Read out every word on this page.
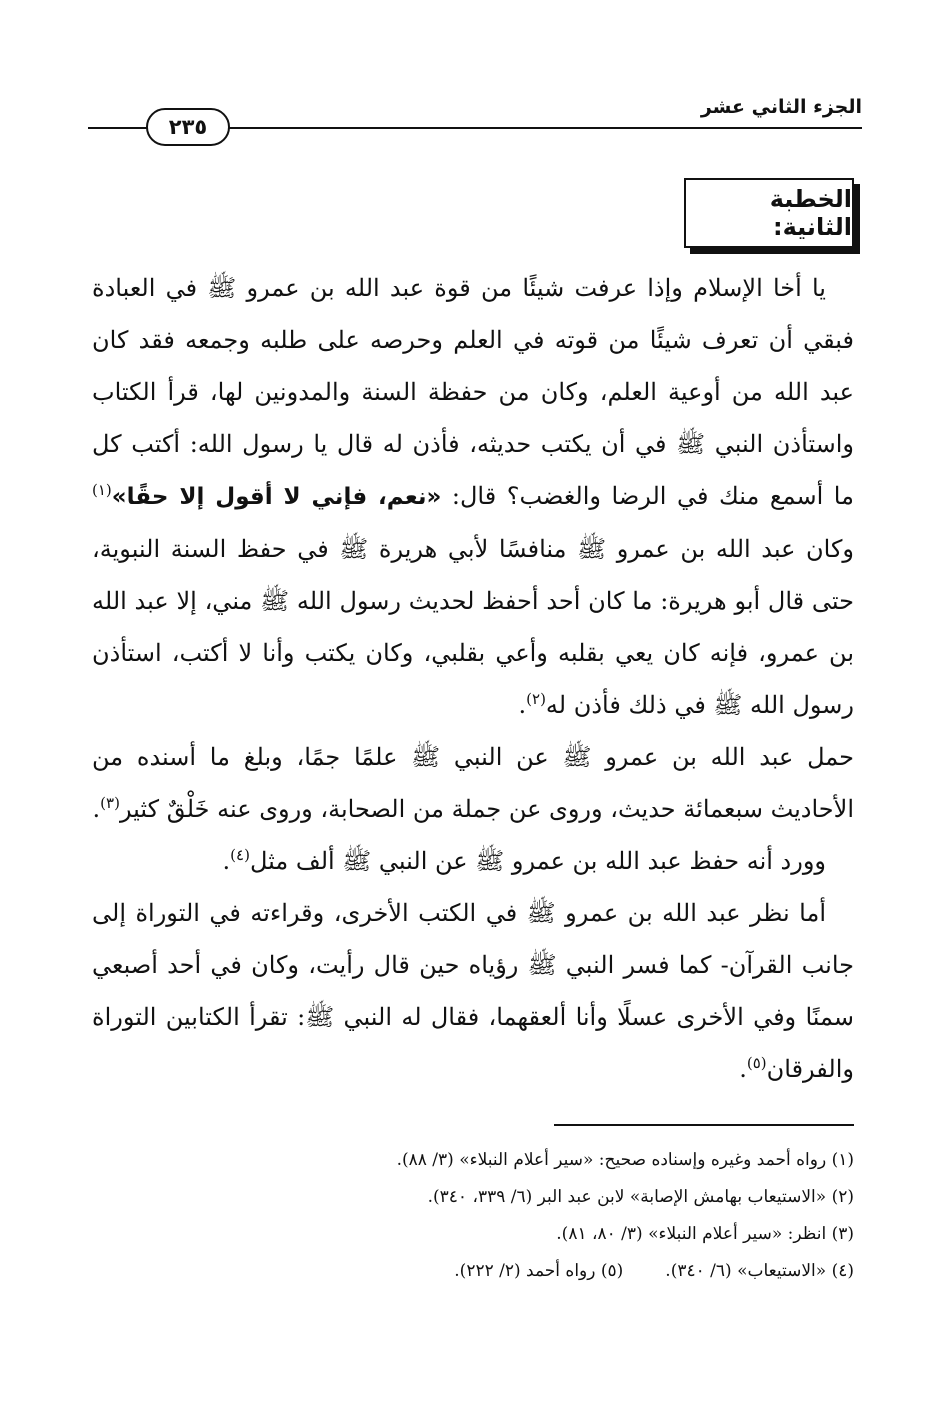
الجزء الثاني عشر
٢٣٥
الخطبة الثانية:

يا أخا الإسلام وإذا عرفت شيئًا من قوة عبد الله بن عمرو ﷺ في العبادة فبقي أن تعرف شيئًا من قوته في العلم وحرصه على طلبه وجمعه فقد كان عبد الله من أوعية العلم، وكان من حفظة السنة والمدونين لها، قرأ الكتاب واستأذن النبي ﷺ في أن يكتب حديثه، فأذن له قال يا رسول الله: أكتب كل ما أسمع منك في الرضا والغضب؟ قال: «نعم، فإني لا أقول إلا حقًا»$^{(١)}$ وكان عبد الله بن عمرو ﷺ منافسًا لأبي هريرة ﷺ في حفظ السنة النبوية، حتى قال أبو هريرة: ما كان أحد أحفظ لحديث رسول الله ﷺ مني، إلا عبد الله بن عمرو، فإنه كان يعي بقلبه وأعي بقلبي، وكان يكتب وأنا لا أكتب، استأذن رسول الله ﷺ في ذلك فأذن له$^{(٢)}$.

حمل عبد الله بن عمرو ﷺ عن النبي ﷺ علمًا جمًا، وبلغ ما أسنده من الأحاديث سبعمائة حديث، وروى عن جملة من الصحابة، وروى عنه خَلْقٌ كثير$^{(٣)}$.

وورد أنه حفظ عبد الله بن عمرو ﷺ عن النبي ﷺ ألف مثل$^{(٤)}$.

أما نظر عبد الله بن عمرو ﷺ في الكتب الأخرى، وقراءته في التوراة إلى جانب القرآن- كما فسر النبي ﷺ رؤياه حين قال رأيت، وكان في أحد أصبعي سمنًا وفي الأخرى عسلًا وأنا ألعقهما، فقال له النبي ﷺ: تقرأ الكتابين التوراة والفرقان$^{(٥)}$.

(١) رواه أحمد وغيره وإسناده صحيح: «سير أعلام النبلاء» (٣/ ٨٨).
(٢) «الاستيعاب بهامش الإصابة» لابن عبد البر (٦/ ٣٣٩، ٣٤٠).
(٣) انظر: «سير أعلام النبلاء» (٣/ ٨٠، ٨١).
(٤) «الاستيعاب» (٦/ ٣٤٠).
(٥) رواه أحمد (٢/ ٢٢٢).
